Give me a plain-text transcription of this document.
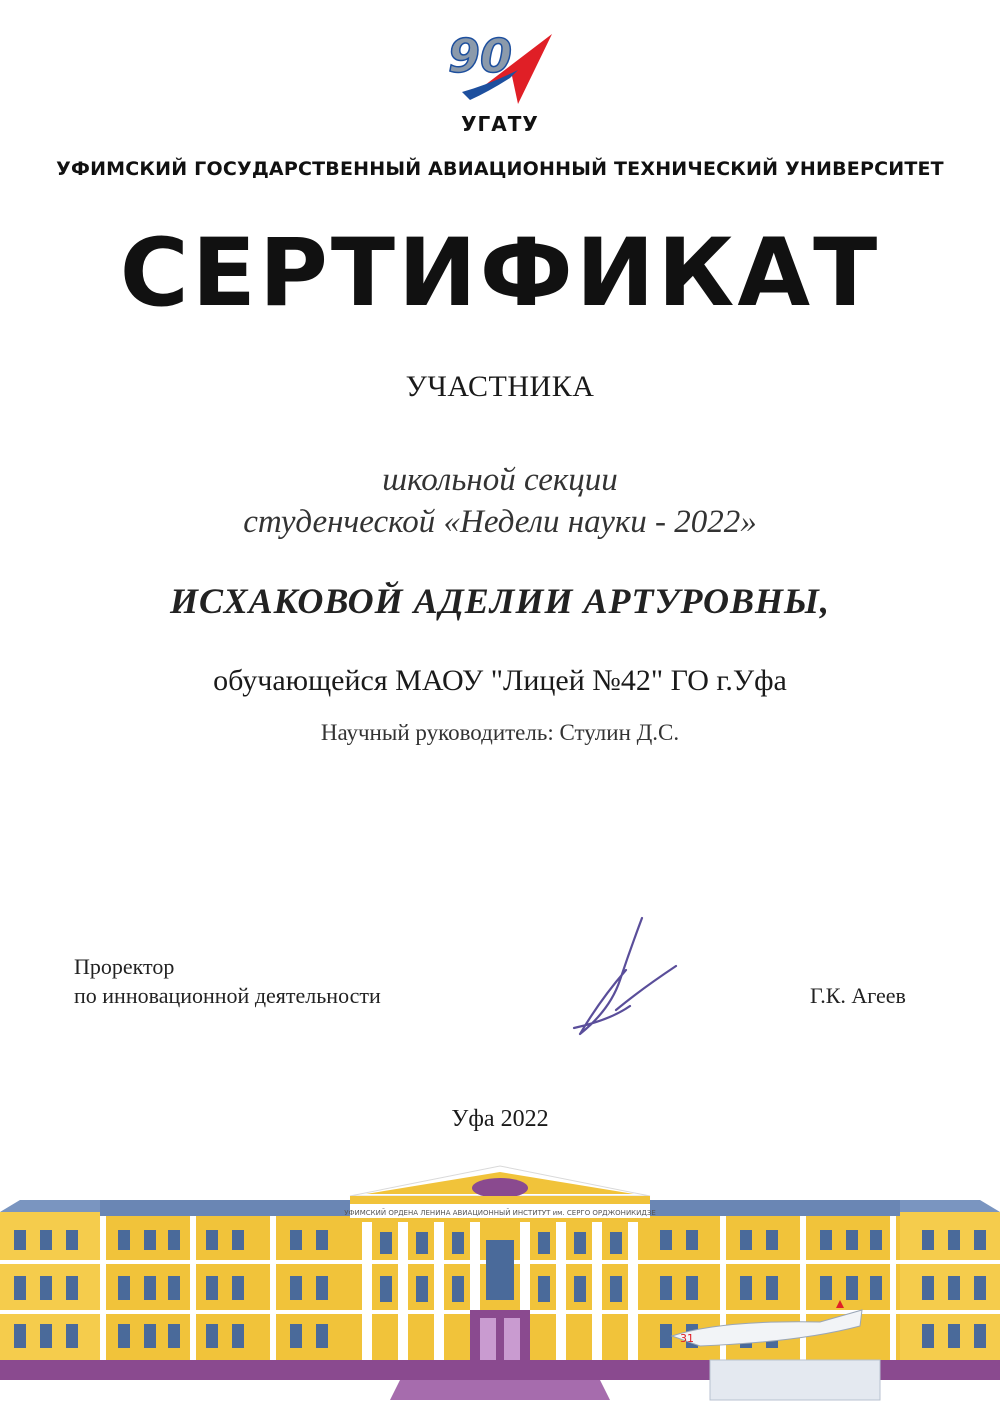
90
УГАТУ
УФИМСКИЙ ГОСУДАРСТВЕННЫЙ АВИАЦИОННЫЙ ТЕХНИЧЕСКИЙ УНИВЕРСИТЕТ
СЕРТИФИКАТ
УЧАСТНИКА
школьной секции
студенческой «Недели науки - 2022»
ИСХАКОВОЙ АДЕЛИИ АРТУРОВНЫ,
обучающейся МАОУ "Лицей №42" ГО г.Уфа
Научный руководитель: Стулин Д.С.
Проректор
по инновационной деятельности	Г.К. Агеев
Уфа 2022
УФИМСКИЙ ОРДЕНА ЛЕНИНА АВИАЦИОННЫЙ ИНСТИТУТ им. СЕРГО ОРДЖОНИКИДЗЕ
31
